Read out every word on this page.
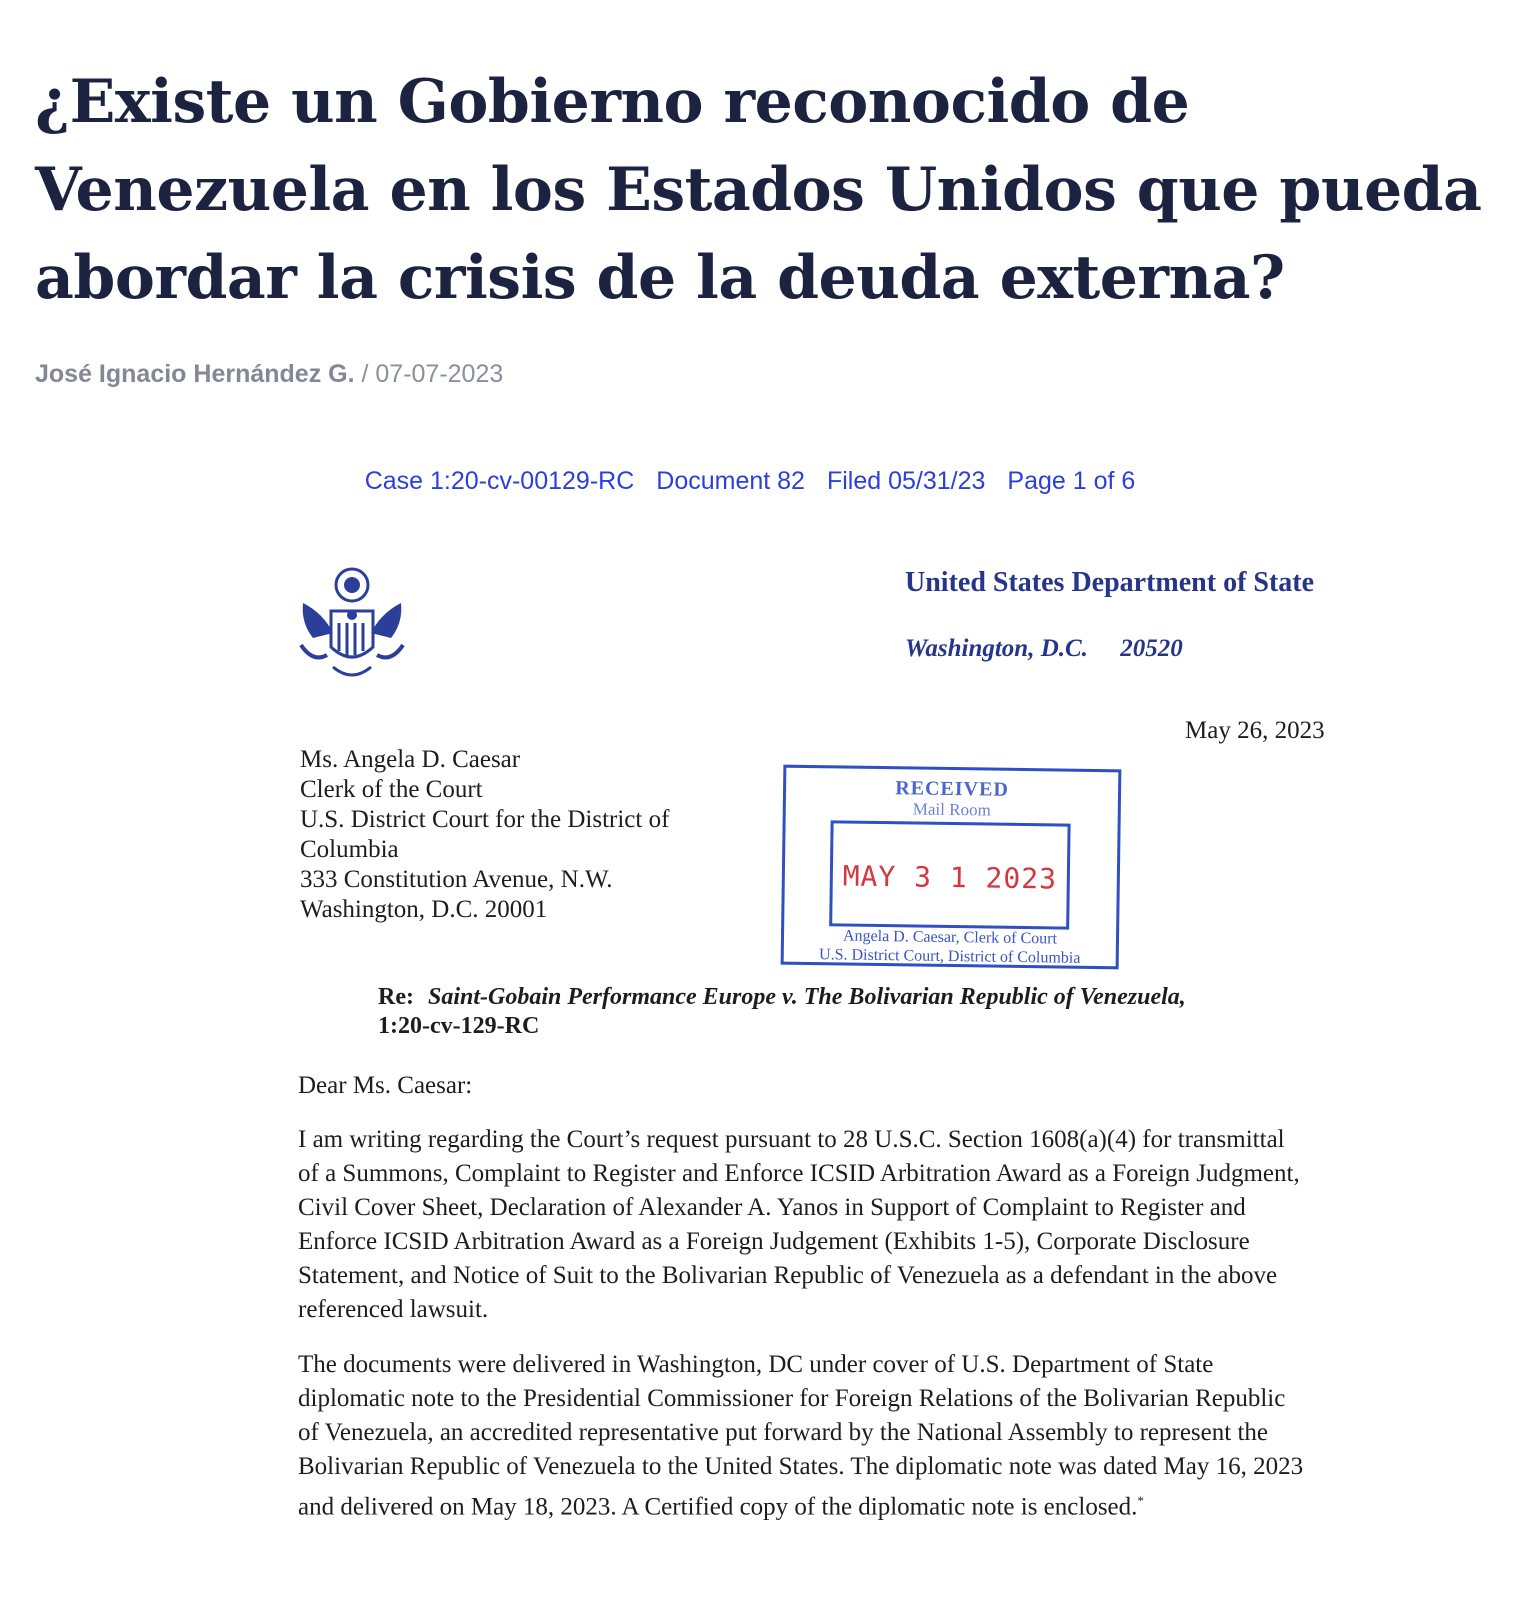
¿Existe un Gobierno reconocido de Venezuela en los Estados Unidos que pueda abordar la crisis de la deuda externa?
José Ignacio Hernández G. / 07-07-2023
Case 1:20-cv-00129-RC Document 82 Filed 05/31/23 Page 1 of 6
United States Department of State
Washington, D.C. 20520
May 26, 2023
Ms. Angela D. Caesar
Clerk of the Court
U.S. District Court for the District of
Columbia
333 Constitution Avenue, N.W.
Washington, D.C. 20001
RECEIVED
Mail Room
MAY 3 1 2023
Angela D. Caesar, Clerk of Court
U.S. District Court, District of Columbia
Re: Saint-Gobain Performance Europe v. The Bolivarian Republic of Venezuela,
1:20-cv-129-RC
Dear Ms. Caesar:

I am writing regarding the Court’s request pursuant to 28 U.S.C. Section 1608(a)(4) for transmittal of a Summons, Complaint to Register and Enforce ICSID Arbitration Award as a Foreign Judgment, Civil Cover Sheet, Declaration of Alexander A. Yanos in Support of Complaint to Register and Enforce ICSID Arbitration Award as a Foreign Judgement (Exhibits 1-5), Corporate Disclosure Statement, and Notice of Suit to the Bolivarian Republic of Venezuela as a defendant in the above referenced lawsuit.

The documents were delivered in Washington, DC under cover of U.S. Department of State diplomatic note to the Presidential Commissioner for Foreign Relations of the Bolivarian Republic of Venezuela, an accredited representative put forward by the National Assembly to represent the Bolivarian Republic of Venezuela to the United States. The diplomatic note was dated May 16, 2023 and delivered on May 18, 2023. A Certified copy of the diplomatic note is enclosed.*
